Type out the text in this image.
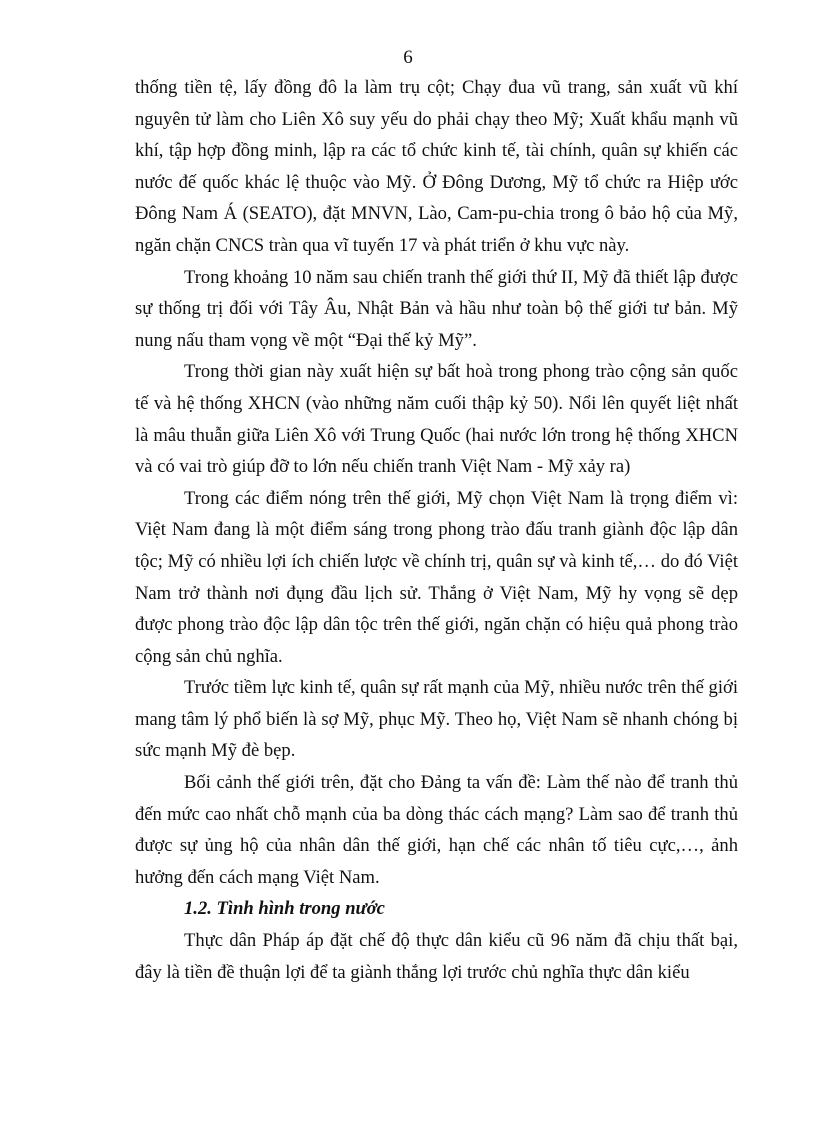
6

thống tiền tệ, lấy đồng đô la làm trụ cột; Chạy đua vũ trang, sản xuất vũ khí nguyên tử làm cho Liên Xô suy yếu do phải chạy theo Mỹ; Xuất khẩu mạnh vũ khí, tập hợp đồng minh, lập ra các tổ chức kinh tế, tài chính, quân sự khiến các nước đế quốc khác lệ thuộc vào Mỹ. Ở Đông Dương, Mỹ tổ chức ra Hiệp ước Đông Nam Á (SEATO), đặt MNVN, Lào, Cam-pu-chia trong ô bảo hộ của Mỹ, ngăn chặn CNCS tràn qua vĩ tuyến 17 và phát triển ở khu vực này.

Trong khoảng 10 năm sau chiến tranh thế giới thứ II, Mỹ đã thiết lập được sự thống trị đối với Tây Âu, Nhật Bản và hầu như toàn bộ thế giới tư bản. Mỹ nung nấu tham vọng về một “Đại thế kỷ Mỹ”.

Trong thời gian này xuất hiện sự bất hoà trong phong trào cộng sản quốc tế và hệ thống XHCN (vào những năm cuối thập kỷ 50). Nổi lên quyết liệt nhất là mâu thuẫn giữa Liên Xô với Trung Quốc (hai nước lớn trong hệ thống XHCN và có vai trò giúp đỡ to lớn nếu chiến tranh Việt Nam - Mỹ xảy ra)

Trong các điểm nóng trên thế giới, Mỹ chọn Việt Nam là trọng điểm vì: Việt Nam đang là một điểm sáng trong phong trào đấu tranh giành độc lập dân tộc; Mỹ có nhiều lợi ích chiến lược về chính trị, quân sự và kinh tế,… do đó Việt Nam trở thành nơi đụng đầu lịch sử. Thắng ở Việt Nam, Mỹ hy vọng sẽ dẹp được phong trào độc lập dân tộc trên thế giới, ngăn chặn có hiệu quả phong trào cộng sản chủ nghĩa.

Trước tiềm lực kinh tế, quân sự rất mạnh của Mỹ, nhiều nước trên thế giới mang tâm lý phổ biến là sợ Mỹ, phục Mỹ. Theo họ, Việt Nam sẽ nhanh chóng bị sức mạnh Mỹ đè bẹp.

Bối cảnh thế giới trên, đặt cho Đảng ta vấn đề: Làm thế nào để tranh thủ đến mức cao nhất chỗ mạnh của ba dòng thác cách mạng? Làm sao để tranh thủ được sự ủng hộ của nhân dân thế giới, hạn chế các nhân tố tiêu cực,…, ảnh hưởng đến cách mạng Việt Nam.

1.2. Tình hình trong nước

Thực dân Pháp áp đặt chế độ thực dân kiểu cũ 96 năm đã chịu thất bại, đây là tiền đề thuận lợi để ta giành thắng lợi trước chủ nghĩa thực dân kiểu
